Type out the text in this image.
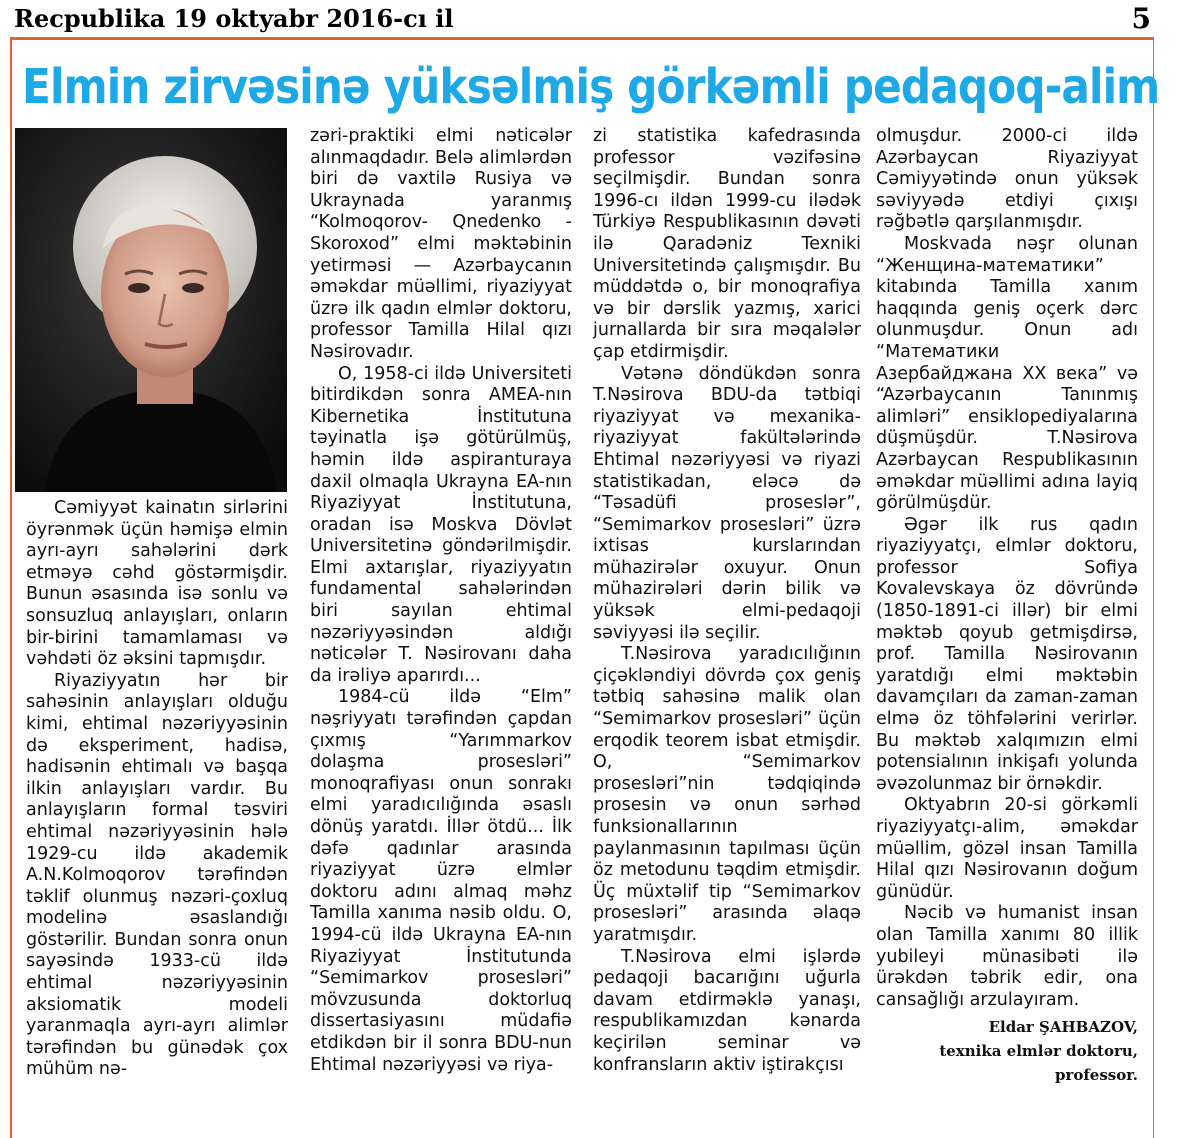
Recpublika 19 oktyabr 2016-cı il	5
Elmin zirvəsinə yüksəlmiş görkəmli pedaqoq-alim

Cəmiyyət kainatın sirlərini öyrənmək üçün həmişə elmin ayrı-ayrı sahələrini dərk etməyə cəhd göstərmişdir. Bunun əsasında isə sonlu və sonsuzluq anlayışları, onların bir-birini tamamlaması və vəhdəti öz əksini tapmışdır.

Riyaziyyatın hər bir sahəsinin anlayışları olduğu kimi, ehtimal nəzəriyyəsinin də eksperiment, hadisə, hadisənin ehtimalı və başqa ilkin anlayışları vardır. Bu anlayışların formal təsviri ehtimal nəzəriyyəsinin hələ 1929-cu ildə akademik A.N.Kolmoqorov tərəfindən təklif olunmuş nəzəri-çoxluq modelinə əsaslandığı göstərilir. Bundan sonra onun sayəsində 1933-cü ildə ehtimal nəzəriyyəsinin aksiomatik modeli yaranmaqla ayrı-ayrı alimlər tərəfindən bu günədək çox mühüm nə-

zəri-praktiki elmi nəticələr alınmaqdadır. Belə alimlərdən biri də vaxtilə Rusiya və Ukraynada yaranmış “Kolmoqorov- Qnedenko - Skoroxod” elmi məktəbinin yetirməsi — Azərbaycanın əməkdar müəllimi, riyaziyyat üzrə ilk qadın elmlər doktoru, professor Tamilla Hilal qızı Nəsirovadır.

O, 1958-ci ildə Universiteti bitirdikdən sonra AMEA-nın Kibernetika İnstitutuna təyinatla işə götürülmüş, həmin ildə aspiranturaya daxil olmaqla Ukrayna EA-nın Riyaziyyat İnstitutuna, oradan isə Moskva Dövlət Universitetinə göndərilmişdir. Elmi axtarışlar, riyaziyyatın fundamental sahələrindən biri sayılan ehtimal nəzəriyyəsindən aldığı nəticələr T. Nəsirovanı daha da irəliyə aparırdı...

1984-cü ildə “Elm” nəşriyyatı tərəfindən çapdan çıxmış “Yarımmarkov dolaşma prosesləri” monoqrafiyası onun sonrakı elmi yaradıcılığında əsaslı dönüş yaratdı. İllər ötdü... İlk dəfə qadınlar arasında riyaziyyat üzrə elmlər doktoru adını almaq məhz Tamilla xanıma nəsib oldu. O, 1994-cü ildə Ukrayna EA-nın Riyaziyyat İnstitutunda “Semimarkov prosesləri” mövzusunda doktorluq dissertasiyasını müdafiə etdikdən bir il sonra BDU-nun Ehtimal nəzəriyyəsi və riya-

zi statistika kafedrasında professor vəzifəsinə seçilmişdir. Bundan sonra 1996-cı ildən 1999-cu ilədək Türkiyə Respublikasının dəvəti ilə Qaradəniz Texniki Universitetində çalışmışdır. Bu müddətdə o, bir monoqrafiya və bir dərslik yazmış, xarici jurnallarda bir sıra məqalələr çap etdirmişdir.

Vətənə döndükdən sonra T.Nəsirova BDU-da tətbiqi riyaziyyat və mexanika-riyaziyyat fakültələrində Ehtimal nəzəriyyəsi və riyazi statistikadan, eləcə də “Təsadüfi proseslər”, “Semimarkov prosesləri” üzrə ixtisas kurslarından mühazirələr oxuyur. Onun mühazirələri dərin bilik və yüksək elmi-pedaqoji səviyyəsi ilə seçilir.

T.Nəsirova yaradıcılığının çiçəkləndiyi dövrdə çox geniş tətbiq sahəsinə malik olan “Semimarkov prosesləri” üçün erqodik teorem isbat etmişdir. O, “Semimarkov prosesləri”nin tədqiqində prosesin və onun sərhəd funksionallarının paylanmasının tapılması üçün öz metodunu təqdim etmişdir. Üç müxtəlif tip “Semimarkov prosesləri” arasında əlaqə yaratmışdır.

T.Nəsirova elmi işlərdə pedaqoji bacarığını uğurla davam etdirməklə yanaşı, respublikamızdan kənarda keçirilən seminar və konfransların aktiv iştirakçısı

olmuşdur. 2000-ci ildə Azərbaycan Riyaziyyat Cəmiyyətində onun yüksək səviyyədə etdiyi çıxışı rəğbətlə qarşılanmışdır.

Moskvada nəşr olunan “Женщина-математики” kitabında Tamilla xanım haqqında geniş oçerk dərc olunmuşdur. Onun adı “Математики Азербайджана XX века” və “Azərbaycanın Tanınmış alimləri” ensiklopediyalarına düşmüşdür. T.Nəsirova Azərbaycan Respublikasının əməkdar müəllimi adına layiq görülmüşdür.

Əgər ilk rus qadın riyaziyyatçı, elmlər doktoru, professor Sofiya Kovalevskaya öz dövründə (1850-1891-ci illər) bir elmi məktəb qoyub getmişdirsə, prof. Tamilla Nəsirovanın yaratdığı elmi məktəbin davamçıları da zaman-zaman elmə öz töhfələrini verirlər. Bu məktəb xalqımızın elmi potensialının inkişafı yolunda əvəzolunmaz bir örnəkdir.

Oktyabrın 20-si görkəmli riyaziyyatçı-alim, əməkdar müəllim, gözəl insan Tamilla Hilal qızı Nəsirovanın doğum günüdür.

Nəcib və humanist insan olan Tamilla xanımı 80 illik yubileyi münasibəti ilə ürəkdən təbrik edir, ona cansağlığı arzulayıram.

Eldar ŞAHBAZOV,
texnika elmlər doktoru,
professor.
